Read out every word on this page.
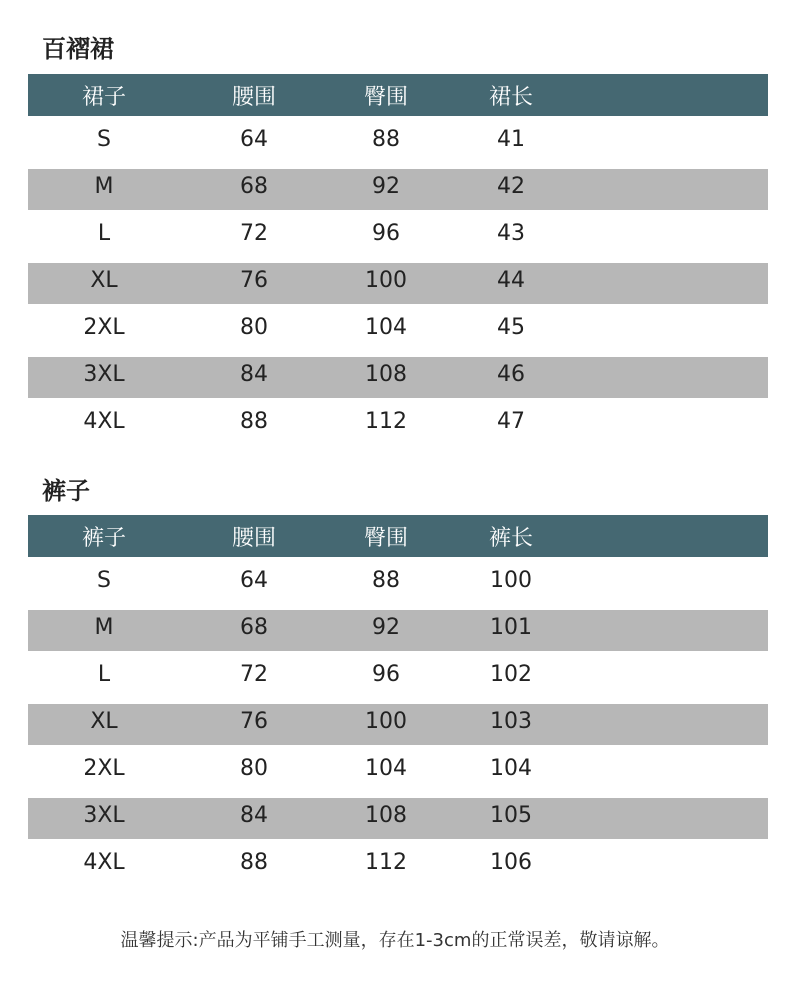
百褶裙
裙子	腰围	臀围	裙长
S	64	88	41
M	68	92	42
L	72	96	43
XL	76	100	44
2XL	80	104	45
3XL	84	108	46
4XL	88	112	47
裤子
裤子	腰围	臀围	裤长
S	64	88	100
M	68	92	101
L	72	96	102
XL	76	100	103
2XL	80	104	104
3XL	84	108	105
4XL	88	112	106
温馨提示:产品为平铺手工测量，存在1-3cm的正常误差，敬请谅解。
